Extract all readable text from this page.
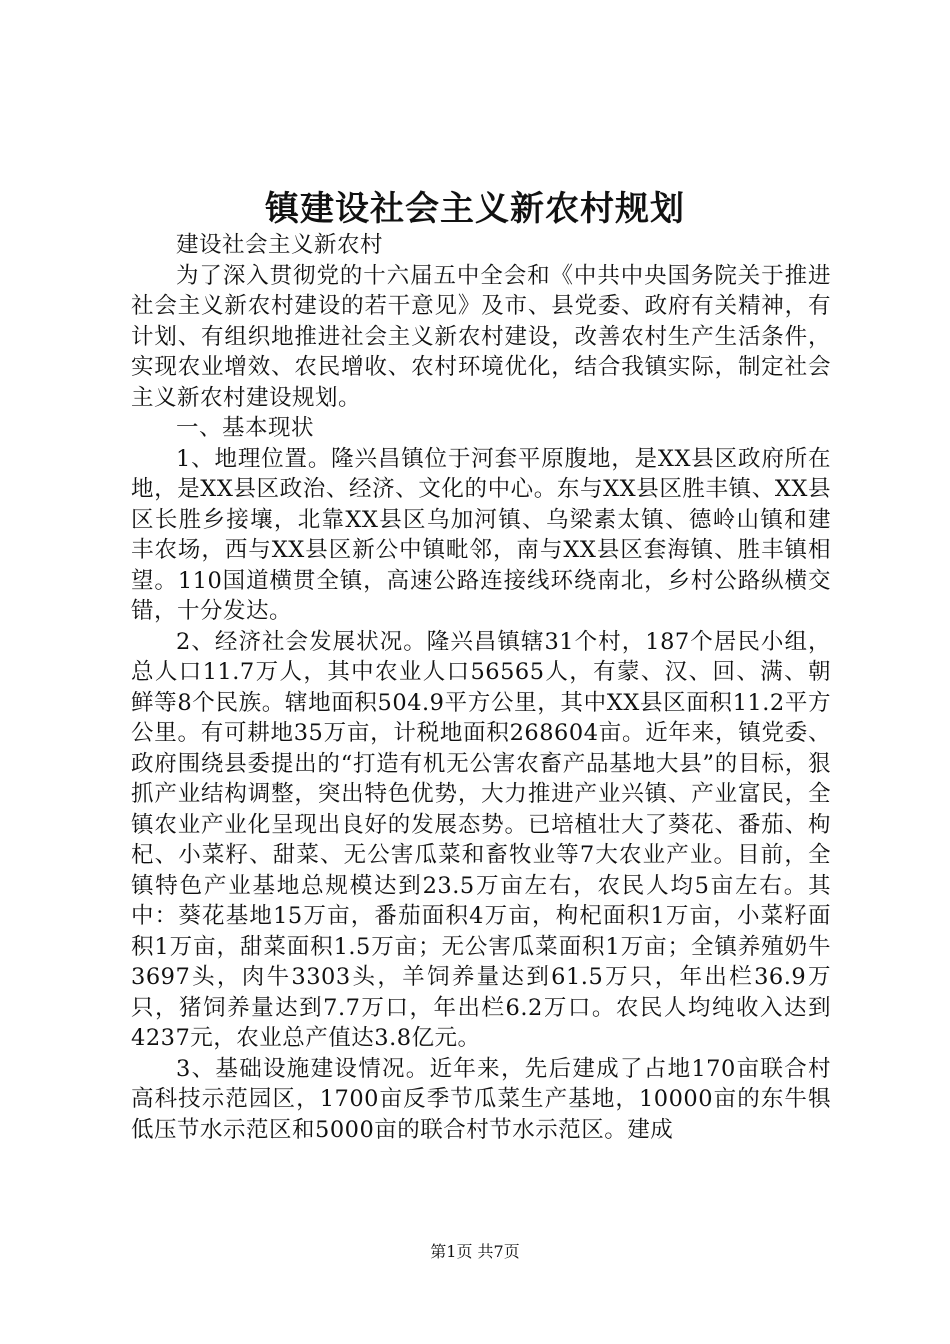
镇建设社会主义新农村规划

建设社会主义新农村

为了深入贯彻党的十六届五中全会和《中共中央国务院关于推进社会主义新农村建设的若干意见》及市、县党委、政府有关精神，有计划、有组织地推进社会主义新农村建设，改善农村生产生活条件，实现农业增效、农民增收、农村环境优化，结合我镇实际，制定社会主义新农村建设规划。

一、基本现状

1、地理位置。隆兴昌镇位于河套平原腹地，是XX县区政府所在地，是XX县区政治、经济、文化的中心。东与XX县区胜丰镇、XX县区长胜乡接壤，北靠XX县区乌加河镇、乌梁素太镇、德岭山镇和建丰农场，西与XX县区新公中镇毗邻，南与XX县区套海镇、胜丰镇相望。110国道横贯全镇，高速公路连接线环绕南北，乡村公路纵横交错，十分发达。

2、经济社会发展状况。隆兴昌镇辖31个村，187个居民小组，总人口11.7万人，其中农业人口56565人，有蒙、汉、回、满、朝鲜等8个民族。辖地面积504.9平方公里，其中XX县区面积11.2平方公里。有可耕地35万亩，计税地面积268604亩。近年来，镇党委、政府围绕县委提出的“打造有机无公害农畜产品基地大县”的目标，狠抓产业结构调整，突出特色优势，大力推进产业兴镇、产业富民，全镇农业产业化呈现出良好的发展态势。已培植壮大了葵花、番茄、枸杞、小菜籽、甜菜、无公害瓜菜和畜牧业等7大农业产业。目前，全镇特色产业基地总规模达到23.5万亩左右，农民人均5亩左右。其中：葵花基地15万亩，番茄面积4万亩，枸杞面积1万亩，小菜籽面积1万亩，甜菜面积1.5万亩；无公害瓜菜面积1万亩；全镇养殖奶牛3697头，肉牛3303头，羊饲养量达到61.5万只，年出栏36.9万只，猪饲养量达到7.7万口，年出栏6.2万口。农民人均纯收入达到4237元，农业总产值达3.8亿元。

3、基础设施建设情况。近年来，先后建成了占地170亩联合村高科技示范园区，1700亩反季节瓜菜生产基地，10000亩的东牛犋低压节水示范区和5000亩的联合村节水示范区。建成

第1页 共7页
